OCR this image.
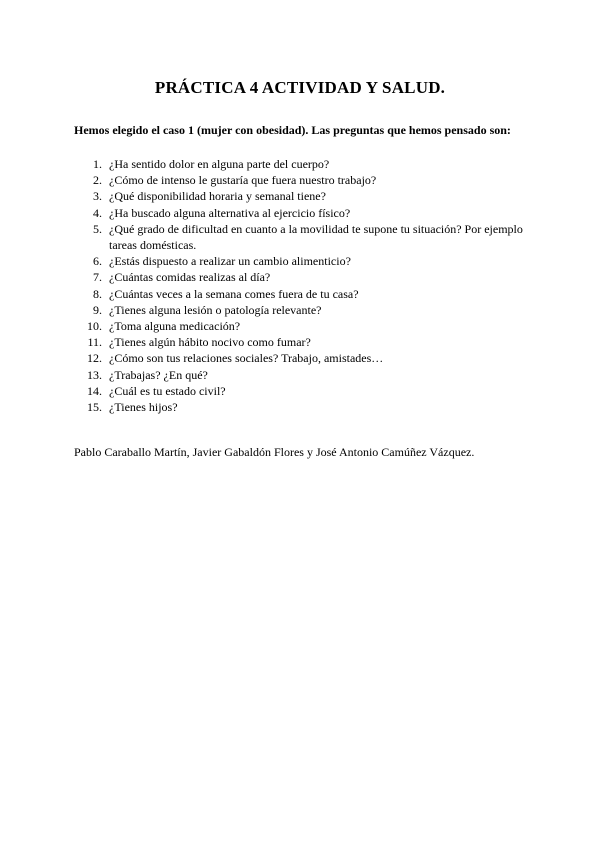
PRÁCTICA 4 ACTIVIDAD Y SALUD.

Hemos elegido el caso 1 (mujer con obesidad). Las preguntas que hemos pensado son:

1. ¿Ha sentido dolor en alguna parte del cuerpo?
2. ¿Cómo de intenso le gustaría que fuera nuestro trabajo?
3. ¿Qué disponibilidad horaria y semanal tiene?
4. ¿Ha buscado alguna alternativa al ejercicio físico?
5. ¿Qué grado de dificultad en cuanto a la movilidad te supone tu situación? Por ejemplo tareas domésticas.
6. ¿Estás dispuesto a realizar un cambio alimenticio?
7. ¿Cuántas comidas realizas al día?
8. ¿Cuántas veces a la semana comes fuera de tu casa?
9. ¿Tienes alguna lesión o patología relevante?
10. ¿Toma alguna medicación?
11. ¿Tienes algún hábito nocivo como fumar?
12. ¿Cómo son tus relaciones sociales? Trabajo, amistades…
13. ¿Trabajas? ¿En qué?
14. ¿Cuál es tu estado civil?
15. ¿Tienes hijos?

Pablo Caraballo Martín, Javier Gabaldón Flores y José Antonio Camúñez Vázquez.
